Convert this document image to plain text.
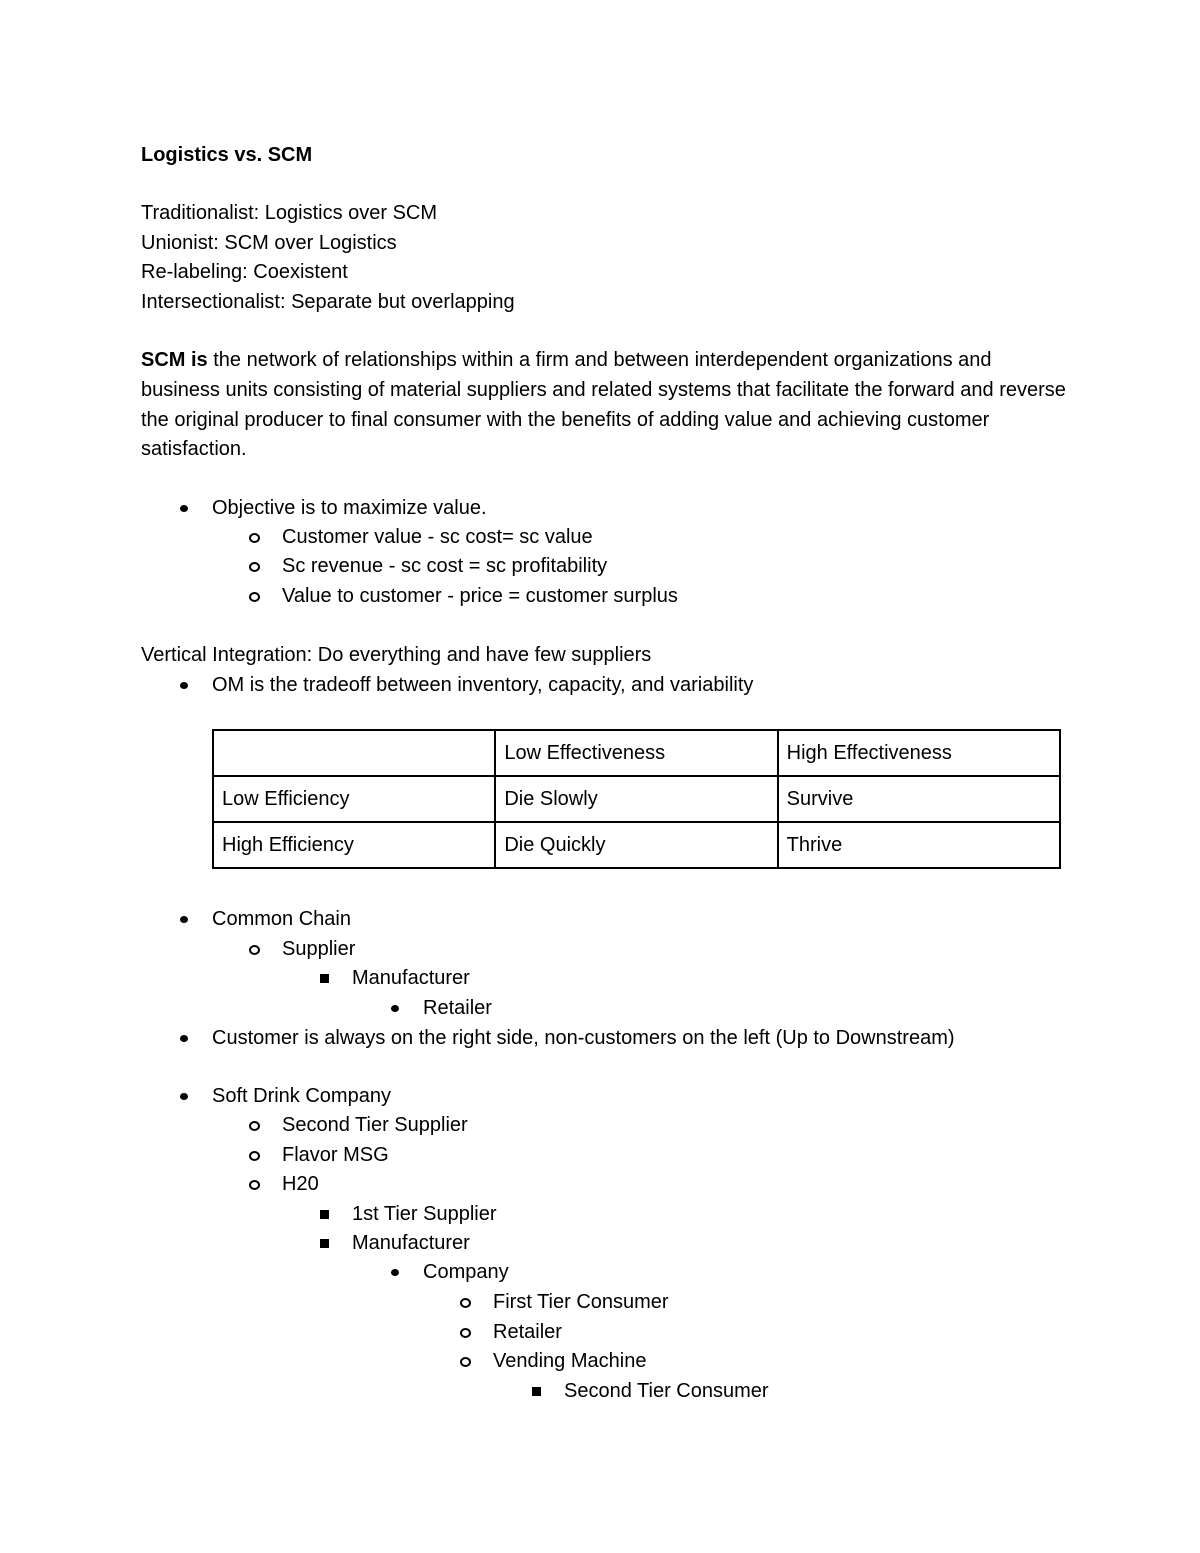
Logistics vs. SCM
Traditionalist: Logistics over SCM
Unionist: SCM over Logistics
Re-labeling: Coexistent
Intersectionalist: Separate but overlapping
SCM is the network of relationships within a firm and between interdependent organizations and business units consisting of material suppliers and related systems that facilitate the forward and reverse the original producer to final consumer with the benefits of adding value and achieving customer satisfaction.
Objective is to maximize value.
Customer value - sc cost= sc value
Sc revenue - sc cost = sc profitability
Value to customer - price = customer surplus
Vertical Integration: Do everything and have few suppliers
OM is the tradeoff between inventory, capacity, and variability
	Low Effectiveness	High Effectiveness
Low Efficiency	Die Slowly	Survive
High Efficiency	Die Quickly	Thrive
Common Chain
Supplier
Manufacturer
Retailer
Customer is always on the right side, non-customers on the left (Up to Downstream)
Soft Drink Company
Second Tier Supplier
Flavor MSG
H20
1st Tier Supplier
Manufacturer
Company
First Tier Consumer
Retailer
Vending Machine
Second Tier Consumer
